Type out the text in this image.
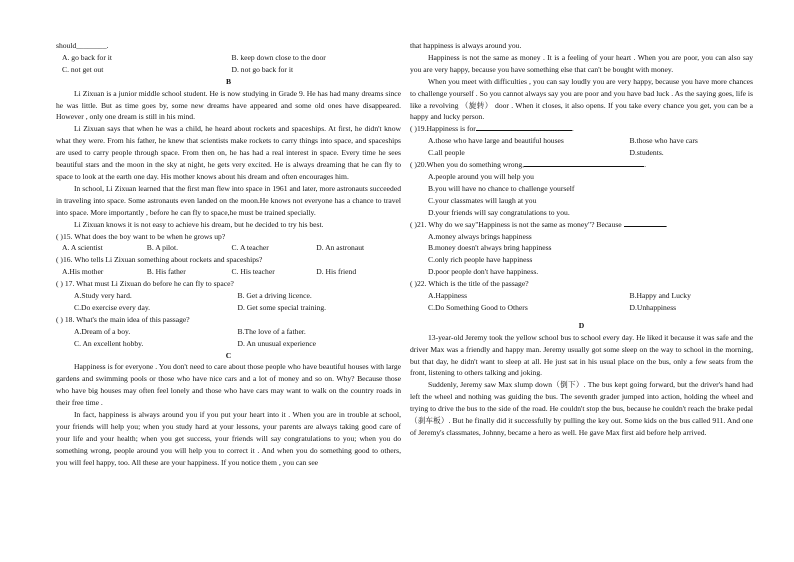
should________.
A. go back for it	B. keep down close to the door
C. not get out	D. not go back for it
B

Li Zixuan is a junior middle school student. He is now studying in Grade 9. He has had many dreams since he was little. But as time goes by, some new dreams have appeared and some old ones have disappeared. However , only one dream is still in his mind.

Li Zixuan says that when he was a child, he heard about rockets and spaceships. At first, he didn't know what they were. From his father, he knew that scientists make rockets to carry things into space, and spaceships are used to carry people through space. From then on, he has had a real interest in space. Every time he sees beautiful stars and the moon in the sky at night, he gets very excited. He is always dreaming that he can fly to space to look at the earth one day. His mother knows about his dream and often encourages him.

In school, Li Zixuan learned that the first man flew into space in 1961 and later, more astronauts succeeded in traveling into space. Some astronauts even landed on the moon.He knows not everyone has a chance to travel into space. More importantly , before he can fly to space,he must be trained specially.

Li Zixuan knows it is not easy to achieve his dream, but he decided to try his best.

( )15. What does the boy want to be when he grows up?
A. A scientist	B. A pilot.	C. A teacher	D. An astronaut
( )16. Who tells Li Zixuan something about rockets and spaceships?
A.His mother	B. His father	C. His teacher	D. His friend
( ) 17. What must Li Zixuan do before he can fly to space?
A.Study very hard.	B. Get a driving licence.
C.Do exercise every day.	D. Get some special training.
( ) 18. What's the main idea of this passage?
A.Dream of a boy.	B.The love of a father.
C. An excellent hobby.	D. An unusual experience
C

Happiness is for everyone . You don't need to care about those people who have beautiful houses with large gardens and swimming pools or those who have nice cars and a lot of money and so on. Why? Because those who have big houses may often feel lonely and those who have cars may want to walk on the country roads in their free time .

In fact, happiness is always around you if you put your heart into it . When you are in trouble at school, your friends will help you; when you study hard at your lessons, your parents are always taking good care of your life and your health; when you get success, your friends will say congratulations to you; when you do something wrong, people around you will help you to correct it . And when you do something good to others, you will feel happy, too. All these are your happiness. If you notice them , you can see

that happiness is always around you.

Happiness is not the same as money . It is a feeling of your heart . When you are poor, you can also say you are very happy, because you have something else that can't be bought with money.

When you meet with difficulties , you can say loudly you are very happy, because you have more chances to challenge yourself . So you cannot always say you are poor and you have bad luck . As the saying goes, life is like a revolving （旋转） door . When it closes, it also opens. If you take every chance you get, you can be a happy and lucky person.

( )19.Happiness is for	.
A.those who have large and beautiful houses	B.those who have cars
C.all people	D.students.
( )20.When you do something wrong,	.
A.people around you will help you
B.you will have no chance to challenge yourself
C.your classmates will laugh at you
D.your friends will say congratulations to you.
( )21. Why do we say"Happiness is not the same as money"? Because	.
A.money always brings happiness
B.money doesn't always bring happiness
C.only rich people have happiness
D.poor people don't have happiness.
( )22. Which is the title of the passage?
A.Happiness	B.Happy and Lucky
C.Do Something Good to Others	D.Unhappiness
D

13-year-old Jeremy took the yellow school bus to school every day. He liked it because it was safe and the driver Max was a friendly and happy man. Jeremy usually got some sleep on the way to school in the morning, but that day, he didn't want to sleep at all. He just sat in his usual place on the bus, only a few seats from the front, listening to others talking and joking.

Suddenly, Jeremy saw Max slump down（倒下）. The bus kept going forward, but the driver's hand had left the wheel and nothing was guiding the bus. The seventh grader jumped into action, holding the wheel and trying to drive the bus to the side of the road. He couldn't stop the bus, because he couldn't reach the brake pedal（刹车板）. But he finally did it successfully by pulling the key out. Some kids on the bus called 911. And one of Jeremy's classmates, Johnny, became a hero as well. He gave Max first aid before help arrived.
